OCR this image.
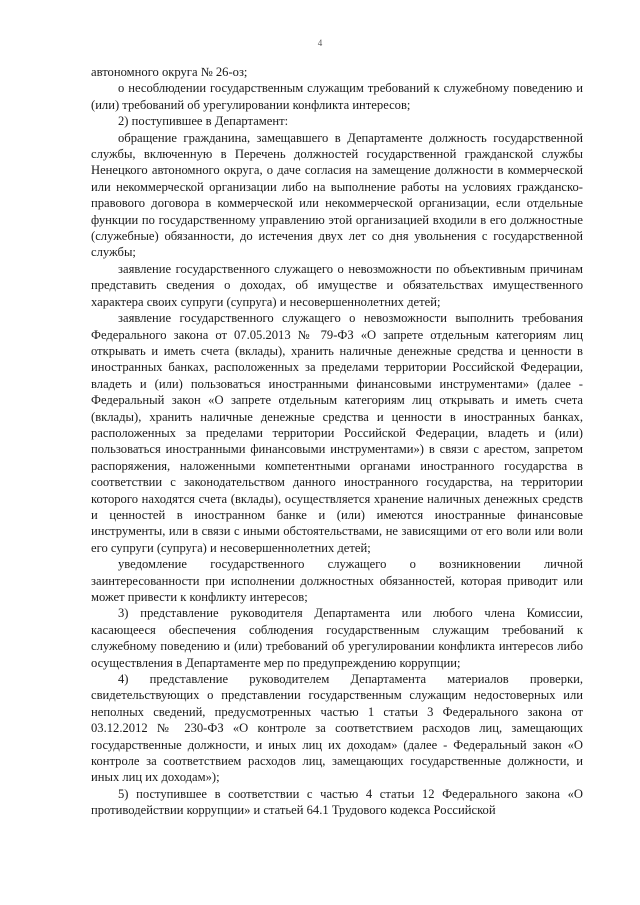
4

автономного округа № 26-оз;

о несоблюдении государственным служащим требований к служебному поведению и (или) требований об урегулировании конфликта интересов;

2) поступившее в Департамент:

обращение гражданина, замещавшего в Департаменте должность государственной службы, включенную в Перечень должностей государственной гражданской службы Ненецкого автономного округа, о даче согласия на замещение должности в коммерческой или некоммерческой организации либо на выполнение работы на условиях гражданско-правового договора в коммерческой или некоммерческой организации, если отдельные функции по государственному управлению этой организацией входили в его должностные (служебные) обязанности, до истечения двух лет со дня увольнения с государственной службы;

заявление государственного служащего о невозможности по объективным причинам представить сведения о доходах, об имуществе и обязательствах имущественного характера своих супруги (супруга) и несовершеннолетних детей;

заявление государственного служащего о невозможности выполнить требования Федерального закона от 07.05.2013 № 79-ФЗ «О запрете отдельным категориям лиц открывать и иметь счета (вклады), хранить наличные денежные средства и ценности в иностранных банках, расположенных за пределами территории Российской Федерации, владеть и (или) пользоваться иностранными финансовыми инструментами» (далее - Федеральный закон «О запрете отдельным категориям лиц открывать и иметь счета (вклады), хранить наличные денежные средства и ценности в иностранных банках, расположенных за пределами территории Российской Федерации, владеть и (или) пользоваться иностранными финансовыми инструментами») в связи с арестом, запретом распоряжения, наложенными компетентными органами иностранного государства в соответствии с законодательством данного иностранного государства, на территории которого находятся счета (вклады), осуществляется хранение наличных денежных средств и ценностей в иностранном банке и (или) имеются иностранные финансовые инструменты, или в связи с иными обстоятельствами, не зависящими от его воли или воли его супруги (супруга) и несовершеннолетних детей;

уведомление государственного служащего о возникновении личной заинтересованности при исполнении должностных обязанностей, которая приводит или может привести к конфликту интересов;

3) представление руководителя Департамента или любого члена Комиссии, касающееся обеспечения соблюдения государственным служащим требований к служебному поведению и (или) требований об урегулировании конфликта интересов либо осуществления в Департаменте мер по предупреждению коррупции;

4) представление руководителем Департамента материалов проверки, свидетельствующих о представлении государственным служащим недостоверных или неполных сведений, предусмотренных частью 1 статьи 3 Федерального закона от 03.12.2012 № 230-ФЗ «О контроле за соответствием расходов лиц, замещающих государственные должности, и иных лиц их доходам» (далее - Федеральный закон «О контроле за соответствием расходов лиц, замещающих государственные должности, и иных лиц их доходам»);

5) поступившее в соответствии с частью 4 статьи 12 Федерального закона «О противодействии коррупции» и статьей 64.1 Трудового кодекса Российской
